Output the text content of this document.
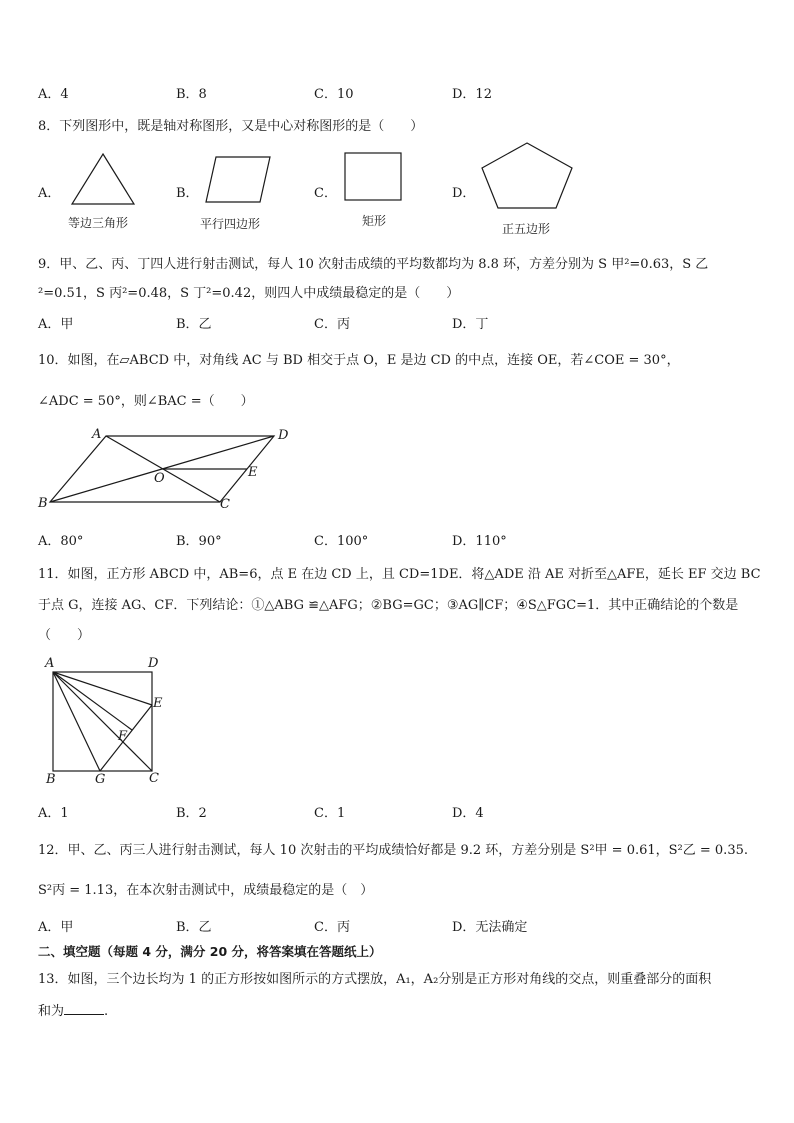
A．4	B．8	C．10	D．12
8．下列图形中，既是轴对称图形，又是中心对称图形的是（　　）
A．
等边三角形
B．
平行四边形
C．
矩形
D．
正五边形
9．甲、乙、丙、丁四人进行射击测试，每人 10 次射击成绩的平均数都均为 8.8 环，方差分别为 S 甲²=0.63，S 乙
²=0.51，S 丙²=0.48，S 丁²=0.42，则四人中成绩最稳定的是（　　）
A．甲	B．乙	C．丙	D．丁
10．如图，在▱ABCD 中，对角线 AC 与 BD 相交于点 O，E 是边 CD 的中点，连接 OE，若∠COE = 30°，
∠ADC = 50°，则∠BAC =（　　）
A	D
B	C
O	E
A．80°	B．90°	C．100°	D．110°
11．如图，正方形 ABCD 中，AB=6，点 E 在边 CD 上，且 CD=1DE．将△ADE 沿 AE 对折至△AFE，延长 EF 交边 BC
于点 G，连接 AG、CF．下列结论：①△ABG ≌△AFG；②BG=GC；③AG∥CF；④S△FGC=1．其中正确结论的个数是
（　　）
A	D
E
F
B	G	C
A．1	B．2	C．1	D．4
12．甲、乙、丙三人进行射击测试，每人 10 次射击的平均成绩恰好都是 9.2 环，方差分别是 S²甲 = 0.61，S²乙 = 0.35.
S²丙 = 1.13，在本次射击测试中，成绩最稳定的是（　）
A．甲	B．乙	C．丙	D．无法确定
二、填空题（每题 4 分，满分 20 分，将答案填在答题纸上）
13．如图，三个边长均为 1 的正方形按如图所示的方式摆放，A₁，A₂分别是正方形对角线的交点，则重叠部分的面积
和为	.
